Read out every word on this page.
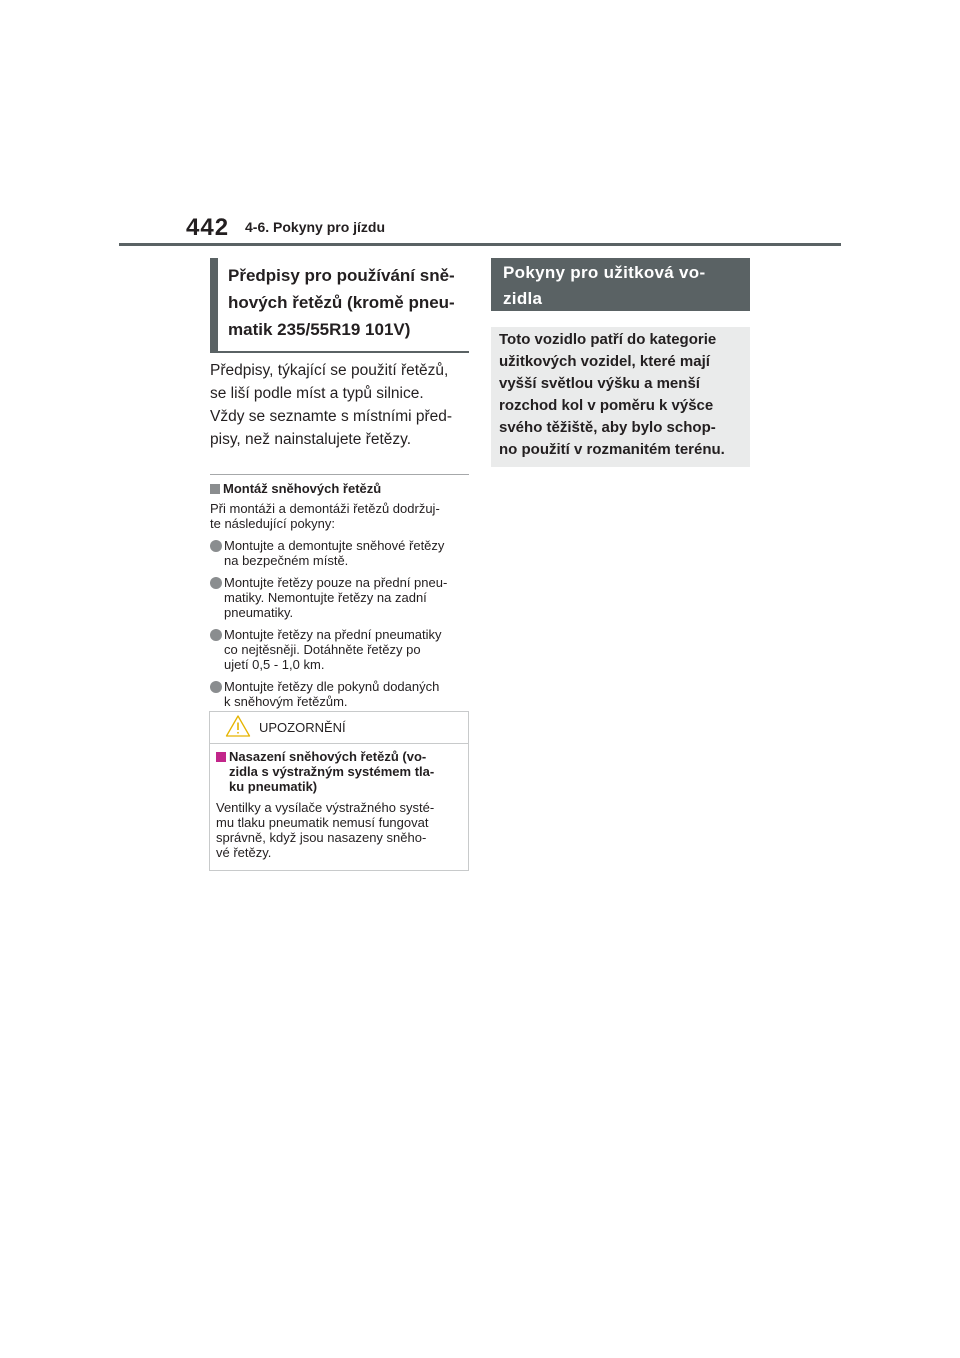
442 4-6. Pokyny pro jízdu
Předpisy pro používání sně-
hových řetězů (kromě pneu-
matik 235/55R19 101V)
Předpisy, týkající se použití řetězů,
se liší podle míst a typů silnice.
Vždy se seznamte s místními před-
pisy, než nainstalujete řetězy.
Montáž sněhových řetězů
Při montáži a demontáži řetězů dodržuj-
te následující pokyny:
Montujte a demontujte sněhové řetězy
na bezpečném místě.
Montujte řetězy pouze na přední pneu-
matiky. Nemontujte řetězy na zadní
pneumatiky.
Montujte řetězy na přední pneumatiky
co nejtěsněji. Dotáhněte řetězy po
ujetí 0,5 - 1,0 km.
Montujte řetězy dle pokynů dodaných
k sněhovým řetězům.
UPOZORNĚNÍ
Nasazení sněhových řetězů (vo-
zidla s výstražným systémem tla-
ku pneumatik)
Ventilky a vysílače výstražného systé-
mu tlaku pneumatik nemusí fungovat
správně, když jsou nasazeny sněho-
vé řetězy.
Pokyny pro užitková vo-
zidla
Toto vozidlo patří do kategorie
užitkových vozidel, které mají
vyšší světlou výšku a menší
rozchod kol v poměru k výšce
svého těžiště, aby bylo schop-
no použití v rozmanitém terénu.
